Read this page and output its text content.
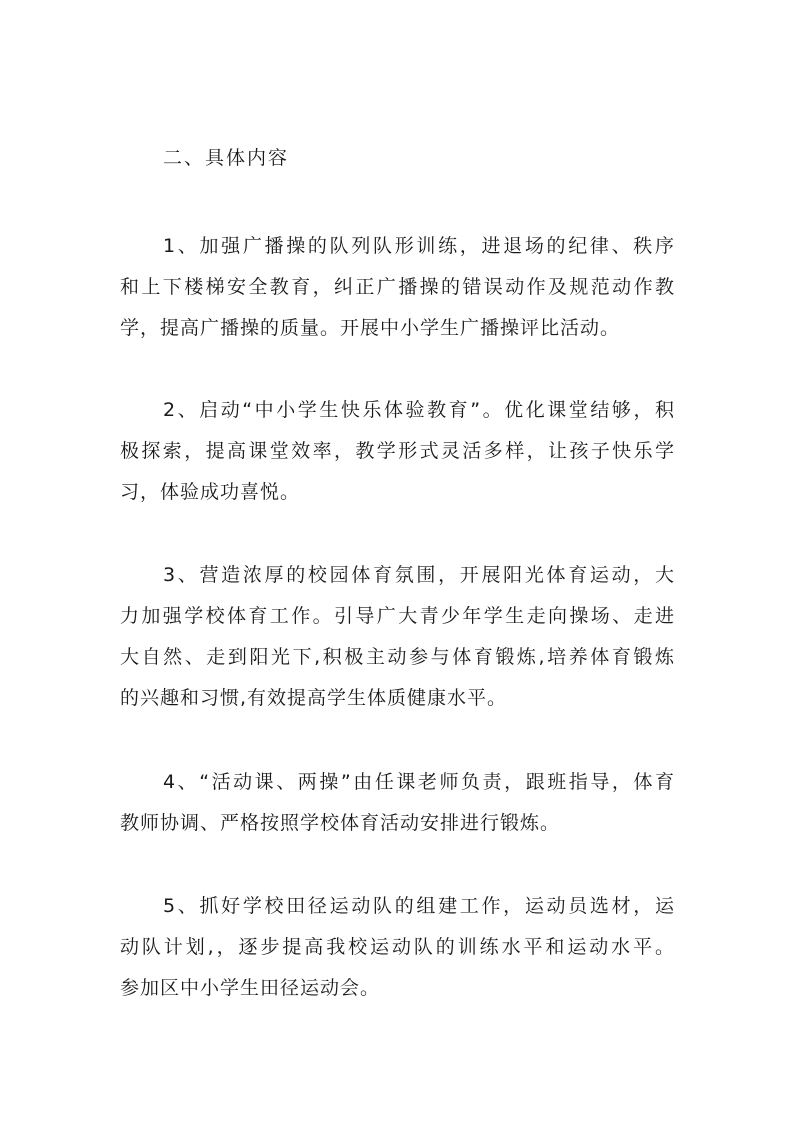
二、具体内容
1、加强广播操的队列队形训练，进退场的纪律、秩序
和上下楼梯安全教育，纠正广播操的错误动作及规范动作教
学，提高广播操的质量。开展中小学生广播操评比活动。
2、启动“中小学生快乐体验教育”。优化课堂结够，积
极探索，提高课堂效率，教学形式灵活多样，让孩子快乐学
习，体验成功喜悦。
3、营造浓厚的校园体育氛围，开展阳光体育运动，大
力加强学校体育工作。引导广大青少年学生走向操场、走进
大自然、走到阳光下,积极主动参与体育锻炼,培养体育锻炼
的兴趣和习惯,有效提高学生体质健康水平。
4、“活动课、两操”由任课老师负责，跟班指导，体育
教师协调、严格按照学校体育活动安排进行锻炼。
5、抓好学校田径运动队的组建工作，运动员选材，运
动队计划,，逐步提高我校运动队的训练水平和运动水平。
参加区中小学生田径运动会。
